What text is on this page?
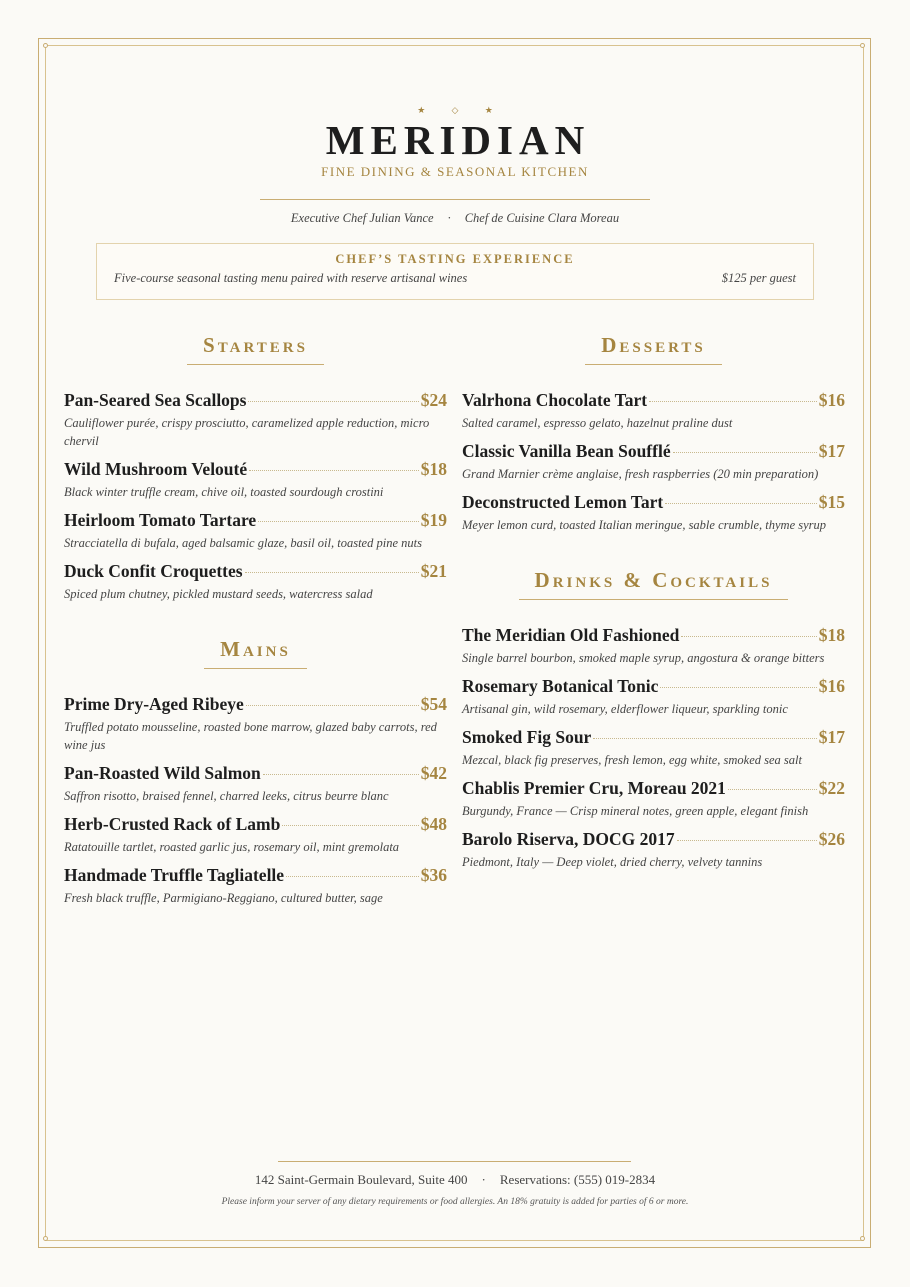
★ ◇ ★
MERIDIAN
FINE DINING & SEASONAL KITCHEN
Executive Chef Julian Vance · Chef de Cuisine Clara Moreau
CHEF’S TASTING EXPERIENCE
Five-course seasonal tasting menu paired with reserve artisanal wines	$125 per guest
Starters
Pan-Seared Sea Scallops	$24
Cauliflower purée, crispy prosciutto, caramelized apple reduction, micro chervil
Wild Mushroom Velouté	$18
Black winter truffle cream, chive oil, toasted sourdough crostini
Heirloom Tomato Tartare	$19
Stracciatella di bufala, aged balsamic glaze, basil oil, toasted pine nuts
Duck Confit Croquettes	$21
Spiced plum chutney, pickled mustard seeds, watercress salad
Mains
Prime Dry-Aged Ribeye	$54
Truffled potato mousseline, roasted bone marrow, glazed baby carrots, red wine jus
Pan-Roasted Wild Salmon	$42
Saffron risotto, braised fennel, charred leeks, citrus beurre blanc
Herb-Crusted Rack of Lamb	$48
Ratatouille tartlet, roasted garlic jus, rosemary oil, mint gremolata
Handmade Truffle Tagliatelle	$36
Fresh black truffle, Parmigiano-Reggiano, cultured butter, sage
Desserts
Valrhona Chocolate Tart	$16
Salted caramel, espresso gelato, hazelnut praline dust
Classic Vanilla Bean Soufflé	$17
Grand Marnier crème anglaise, fresh raspberries (20 min preparation)
Deconstructed Lemon Tart	$15
Meyer lemon curd, toasted Italian meringue, sable crumble, thyme syrup
Drinks & Cocktails
The Meridian Old Fashioned	$18
Single barrel bourbon, smoked maple syrup, angostura & orange bitters
Rosemary Botanical Tonic	$16
Artisanal gin, wild rosemary, elderflower liqueur, sparkling tonic
Smoked Fig Sour	$17
Mezcal, black fig preserves, fresh lemon, egg white, smoked sea salt
Chablis Premier Cru, Moreau 2021	$22
Burgundy, France — Crisp mineral notes, green apple, elegant finish
Barolo Riserva, DOCG 2017	$26
Piedmont, Italy — Deep violet, dried cherry, velvety tannins
142 Saint-Germain Boulevard, Suite 400 · Reservations: (555) 019-2834
Please inform your server of any dietary requirements or food allergies. An 18% gratuity is added for parties of 6 or more.
